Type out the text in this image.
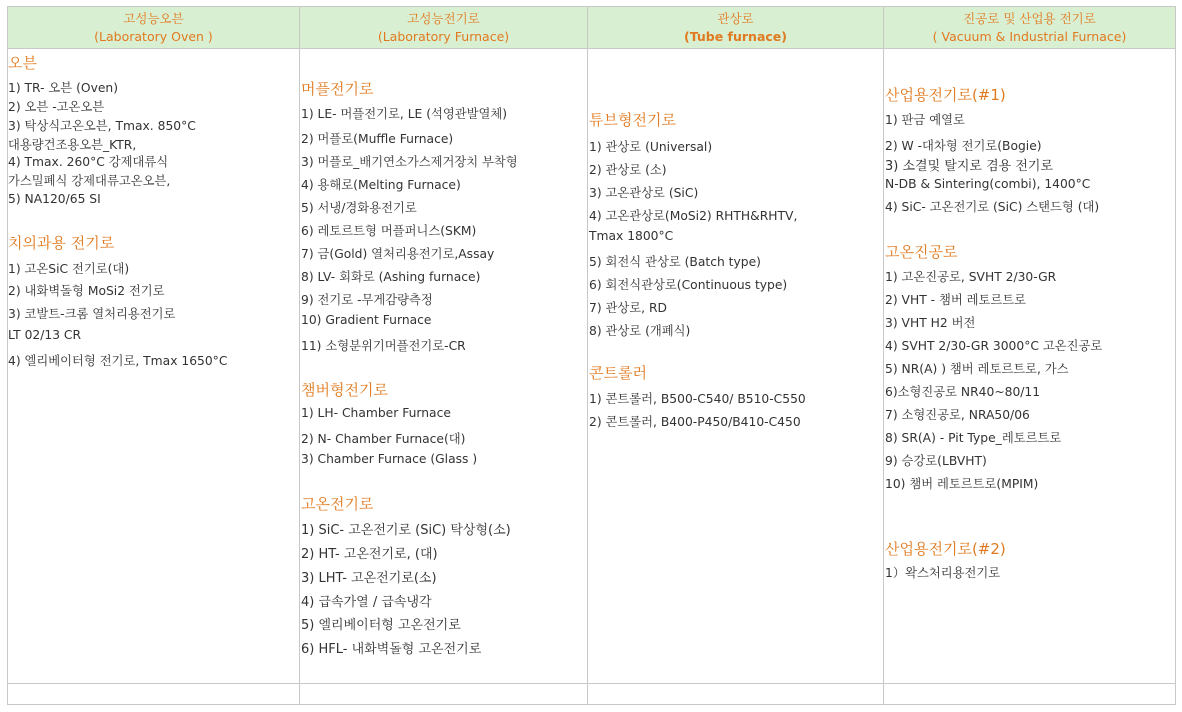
고성능오븐
(Laboratory Oven )
오븐
1) TR- 오븐 (Oven)
2) 오븐 -고온오븐
3) 탁상식고온오븐, Tmax. 850°C
대용량건조용오븐_KTR,
4) Tmax. 260°C 강제대류식
가스밀폐식 강제대류고온오븐,
5) NA120/65 SI
치의과용 전기로
1) 고온SiC 전기로(대)
2) 내화벽돌형 MoSi2 전기로
3) 코발트-크롬 열처리용전기로
LT 02/13 CR
4) 엘리베이터형 전기로, Tmax 1650°C
고성능전기로
(Laboratory Furnace)
머플전기로
1) LE- 머플전기로, LE (석영관발열체)
2) 머플로(Muffle Furnace)
3) 머플로_배기연소가스제거장치 부착형
4) 용해로(Melting Furnace)
5) 서냉/경화용전기로
6) 레토르트형 머플퍼니스(SKM)
7) 금(Gold) 열처리용전기로,Assay
8) LV- 회화로 (Ashing furnace)
9) 전기로 -무게감량측정
10) Gradient Furnace
11) 소형분위기머플전기로-CR
챔버형전기로
1) LH- Chamber Furnace
2) N- Chamber Furnace(대)
3) Chamber Furnace (Glass )
고온전기로
1) SiC- 고온전기로 (SiC) 탁상형(소)
2) HT- 고온전기로, (대)
3) LHT- 고온전기로(소)
4) 급속가열 / 급속냉각
5) 엘리베이터형 고온전기로
6) HFL- 내화벽돌형 고온전기로
관상로
(Tube furnace)
튜브형전기로
1) 관상로 (Universal)
2) 관상로 (소)
3) 고온관상로 (SiC)
4) 고온관상로(MoSi2) RHTH&RHTV,
Tmax 1800°C
5) 회전식 관상로 (Batch type)
6) 회전식관상로(Continuous type)
7) 관상로, RD
8) 관상로 (개폐식)
콘트롤러
1) 콘트롤러, B500-C540/ B510-C550
2) 콘트롤러, B400-P450/B410-C450
진공로 및 산업용 전기로
( Vacuum & Industrial Furnace)
산업용전기로(#1)
1) 판금 예열로
2) W -대차형 전기로(Bogie)
3) 소결및 탈지로 겸용 전기로
N-DB & Sintering(combi), 1400°C
4) SiC- 고온전기로 (SiC) 스탠드형 (대)
고온진공로
1) 고온진공로, SVHT 2/30-GR
2) VHT - 챔버 레토르트로
3) VHT H2 버전
4) SVHT 2/30-GR 3000°C 고온진공로
5) NR(A) ) 챔버 레토르트로, 가스
6)소형진공로 NR40~80/11
7) 소형진공로, NRA50/06
8) SR(A) - Pit Type_레토르트로
9) 승강로(LBVHT)
10) 챔버 레토르트로(MPIM)
산업용전기로(#2)
1）왁스처리용전기로
